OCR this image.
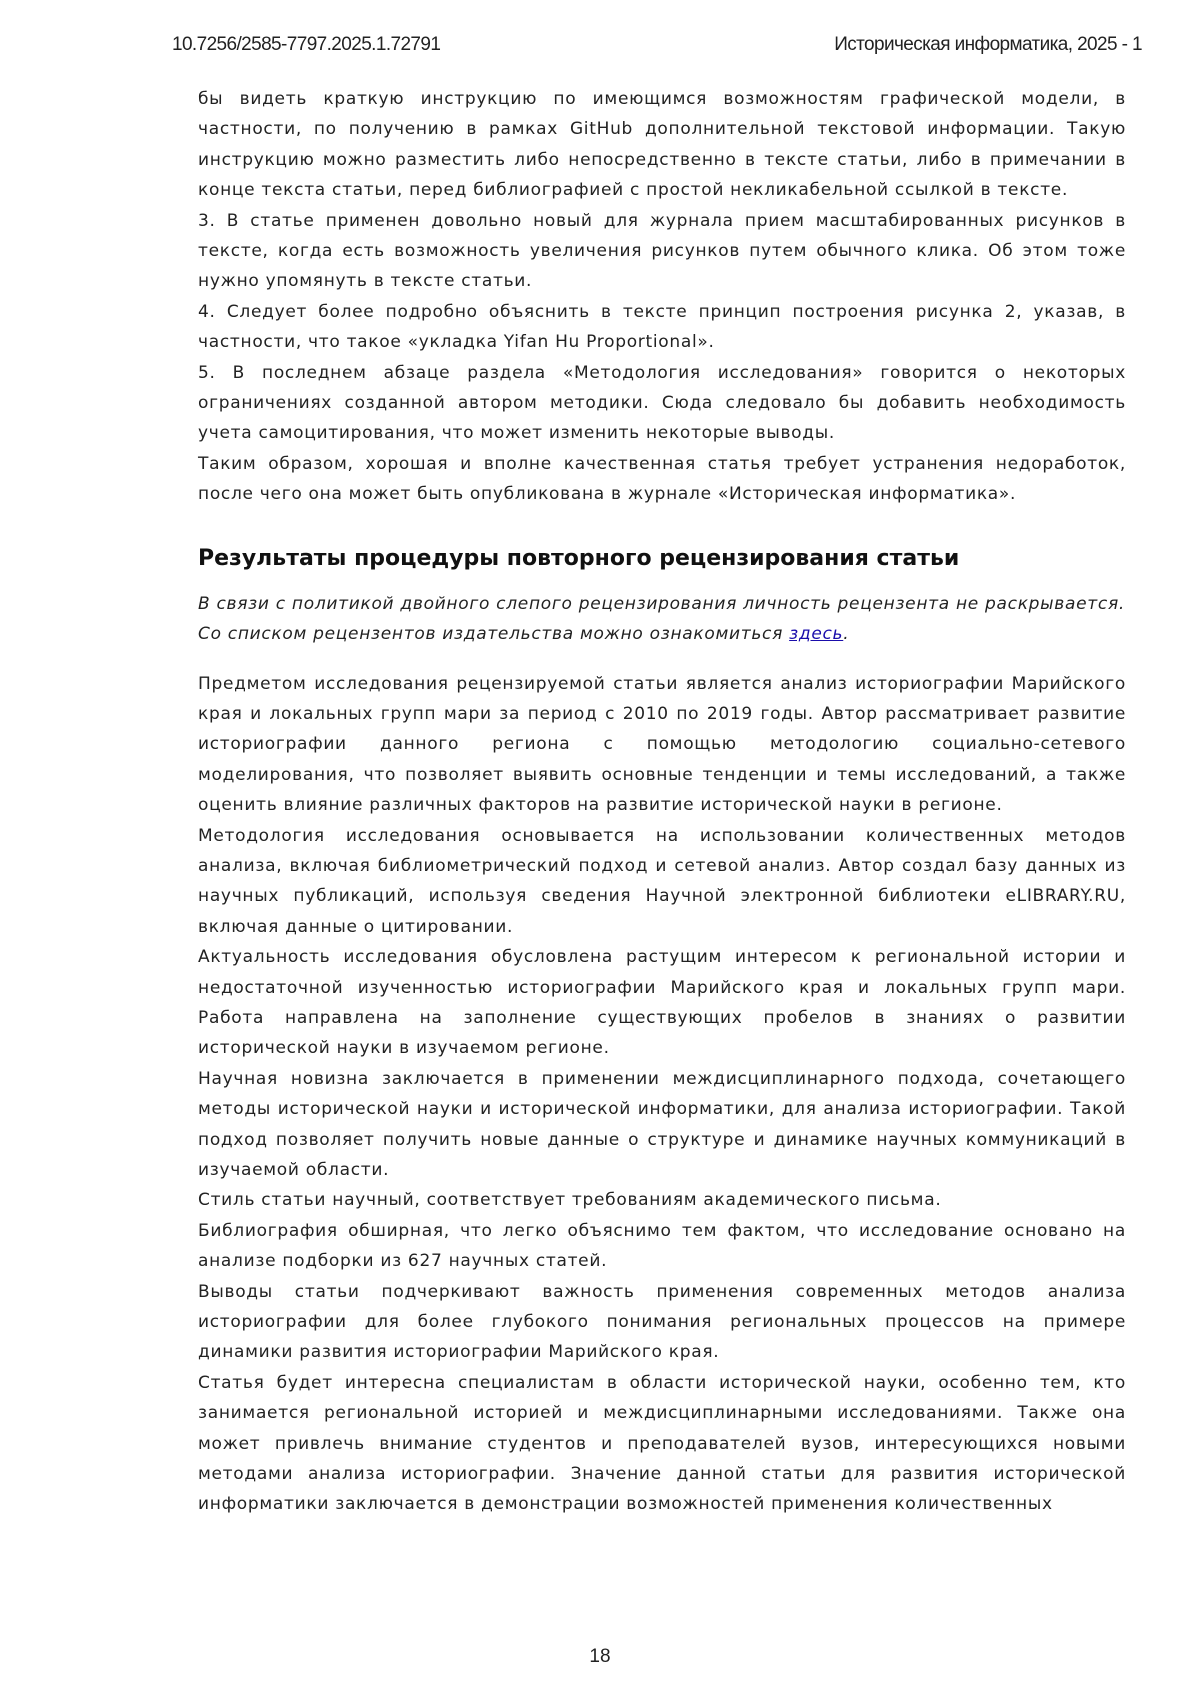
10.7256/2585-7797.2025.1.72791	Историческая информатика, 2025 - 1

бы видеть краткую инструкцию по имеющимся возможностям графической модели, в частности, по получению в рамках GitHub дополнительной текстовой информации. Такую инструкцию можно разместить либо непосредственно в тексте статьи, либо в примечании в конце текста статьи, перед библиографией с простой некликабельной ссылкой в тексте.

3. В статье применен довольно новый для журнала прием масштабированных рисунков в тексте, когда есть возможность увеличения рисунков путем обычного клика. Об этом тоже нужно упомянуть в тексте статьи.

4. Следует более подробно объяснить в тексте принцип построения рисунка 2, указав, в частности, что такое «укладка Yifan Hu Proportional».

5. В последнем абзаце раздела «Методология исследования» говорится о некоторых ограничениях созданной автором методики. Сюда следовало бы добавить необходимость учета самоцитирования, что может изменить некоторые выводы.

Таким образом, хорошая и вполне качественная статья требует устранения недоработок, после чего она может быть опубликована в журнале «Историческая информатика».

Результаты процедуры повторного рецензирования статьи

В связи с политикой двойного слепого рецензирования личность рецензента не раскрывается.

Со списком рецензентов издательства можно ознакомиться здесь.

Предметом исследования рецензируемой статьи является анализ историографии Марийского края и локальных групп мари за период с 2010 по 2019 годы. Автор рассматривает развитие историографии данного региона с помощью методологию социально-сетевого моделирования, что позволяет выявить основные тенденции и темы исследований, а также оценить влияние различных факторов на развитие исторической науки в регионе.

Методология исследования основывается на использовании количественных методов анализа, включая библиометрический подход и сетевой анализ. Автор создал базу данных из научных публикаций, используя сведения Научной электронной библиотеки eLIBRARY.RU, включая данные о цитировании.

Актуальность исследования обусловлена растущим интересом к региональной истории и недостаточной изученностью историографии Марийского края и локальных групп мари. Работа направлена на заполнение существующих пробелов в знаниях о развитии исторической науки в изучаемом регионе.

Научная новизна заключается в применении междисциплинарного подхода, сочетающего методы исторической науки и исторической информатики, для анализа историографии. Такой подход позволяет получить новые данные о структуре и динамике научных коммуникаций в изучаемой области.

Стиль статьи научный, соответствует требованиям академического письма.

Библиография обширная, что легко объяснимо тем фактом, что исследование основано на анализе подборки из 627 научных статей.

Выводы статьи подчеркивают важность применения современных методов анализа историографии для более глубокого понимания региональных процессов на примере динамики развития историографии Марийского края.

Статья будет интересна специалистам в области исторической науки, особенно тем, кто занимается региональной историей и междисциплинарными исследованиями. Также она может привлечь внимание студентов и преподавателей вузов, интересующихся новыми методами анализа историографии. Значение данной статьи для развития исторической информатики заключается в демонстрации возможностей применения количественных

18
